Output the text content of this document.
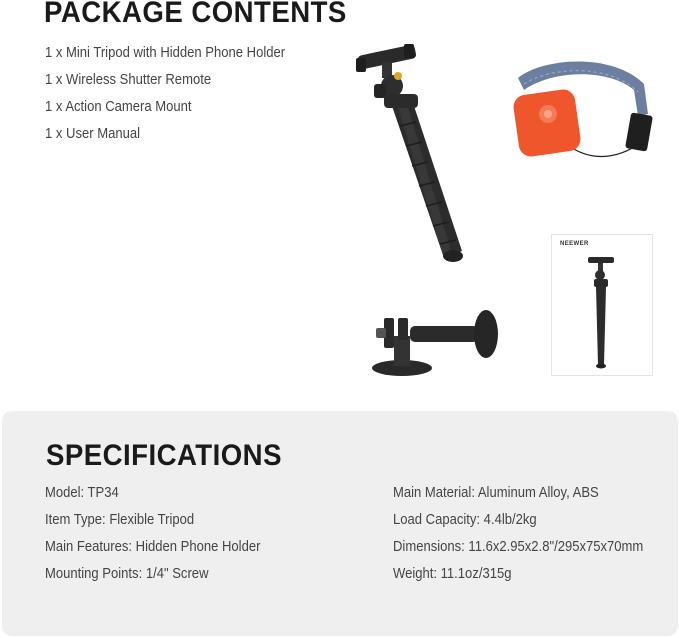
PACKAGE CONTENTS
1 x Mini Tripod with Hidden Phone Holder
1 x Wireless Shutter Remote
1 x Action Camera Mount
1 x User Manual
NEEWER
SPECIFICATIONS
Model: TP34
Item Type: Flexible Tripod
Main Features: Hidden Phone Holder
Mounting Points: 1/4" Screw
Main Material: Aluminum Alloy, ABS
Load Capacity: 4.4lb/2kg
Dimensions: 11.6x2.95x2.8"/295x75x70mm
Weight: 11.1oz/315g
